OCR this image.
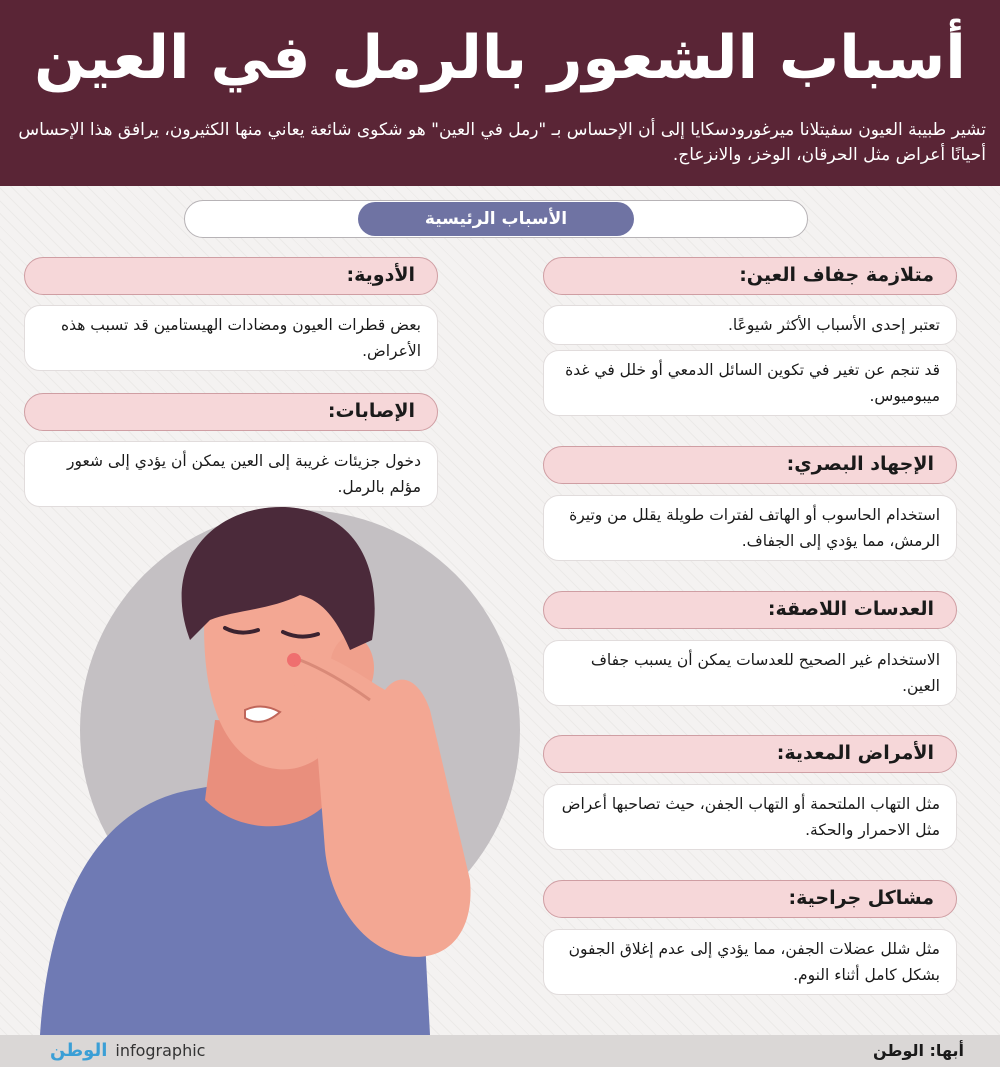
أسباب الشعور بالرمل في العين
تشير طبيبة العيون سفيتلانا ميرغورودسكايا إلى أن الإحساس بـ "رمل في العين" هو شكوى شائعة يعاني منها الكثيرون، يرافق هذا الإحساس أحيانًا أعراض مثل الحرقان، الوخز، والانزعاج.
الأسباب الرئيسية
متلازمة جفاف العين:
تعتبر إحدى الأسباب الأكثر شيوعًا.
قد تنجم عن تغير في تكوين السائل الدمعي أو خلل في غدة ميبوميوس.
الإجهاد البصري:
استخدام الحاسوب أو الهاتف لفترات طويلة يقلل من وتيرة الرمش، مما يؤدي إلى الجفاف.
العدسات اللاصقة:
الاستخدام غير الصحيح للعدسات يمكن أن يسبب جفاف العين.
الأمراض المعدية:
مثل التهاب الملتحمة أو التهاب الجفن، حيث تصاحبها أعراض مثل الاحمرار والحكة.
مشاكل جراحية:
مثل شلل عضلات الجفن، مما يؤدي إلى عدم إغلاق الجفون بشكل كامل أثناء النوم.
الأدوية:
بعض قطرات العيون ومضادات الهيستامين قد تسبب هذه الأعراض.
الإصابات:
دخول جزيئات غريبة إلى العين يمكن أن يؤدي إلى شعور مؤلم بالرمل.
أبها: الوطن
الوطن infographic
